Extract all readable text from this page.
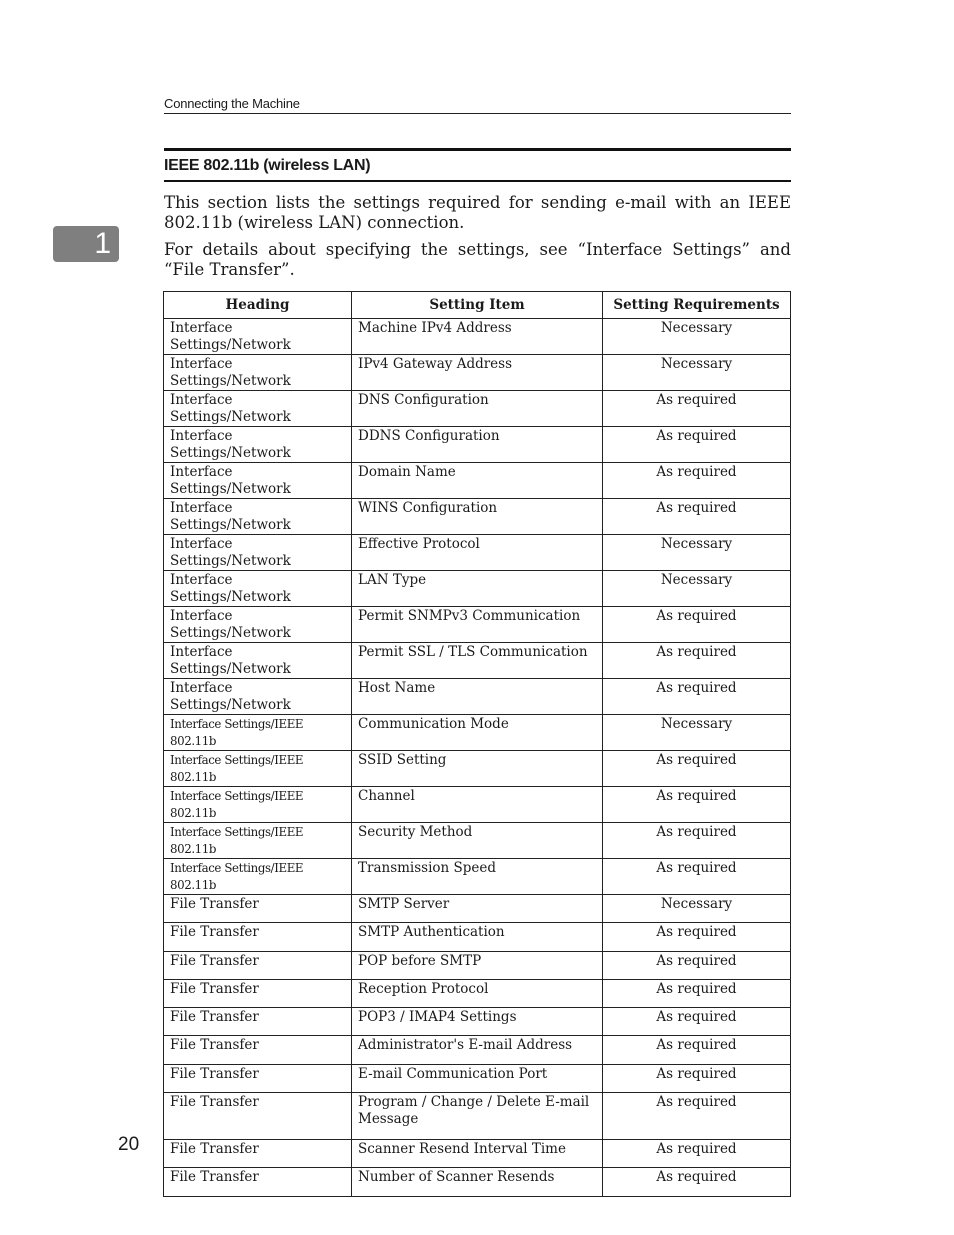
Connecting the Machine
IEEE 802.11b (wireless LAN)
1

This section lists the settings required for sending e-mail with an IEEE 802.11b (wireless LAN) connection.

For details about specifying the settings, see “Interface Settings” and “File Transfer”.

Heading	Setting Item	Setting Requirements
Interface Settings/Network	Machine IPv4 Address	Necessary
Interface Settings/Network	IPv4 Gateway Address	Necessary
Interface Settings/Network	DNS Configuration	As required
Interface Settings/Network	DDNS Configuration	As required
Interface Settings/Network	Domain Name	As required
Interface Settings/Network	WINS Configuration	As required
Interface Settings/Network	Effective Protocol	Necessary
Interface Settings/Network	LAN Type	Necessary
Interface Settings/Network	Permit SNMPv3 Communication	As required
Interface Settings/Network	Permit SSL / TLS Communication	As required
Interface Settings/Network	Host Name	As required
Interface Settings/IEEE 802.11b	Communication Mode	Necessary
Interface Settings/IEEE 802.11b	SSID Setting	As required
Interface Settings/IEEE 802.11b	Channel	As required
Interface Settings/IEEE 802.11b	Security Method	As required
Interface Settings/IEEE 802.11b	Transmission Speed	As required
File Transfer	SMTP Server	Necessary
File Transfer	SMTP Authentication	As required
File Transfer	POP before SMTP	As required
File Transfer	Reception Protocol	As required
File Transfer	POP3 / IMAP4 Settings	As required
File Transfer	Administrator's E-mail Address	As required
File Transfer	E-mail Communication Port	As required
File Transfer	Program / Change / Delete E-mail Message	As required
File Transfer	Scanner Resend Interval Time	As required
File Transfer	Number of Scanner Resends	As required
20
